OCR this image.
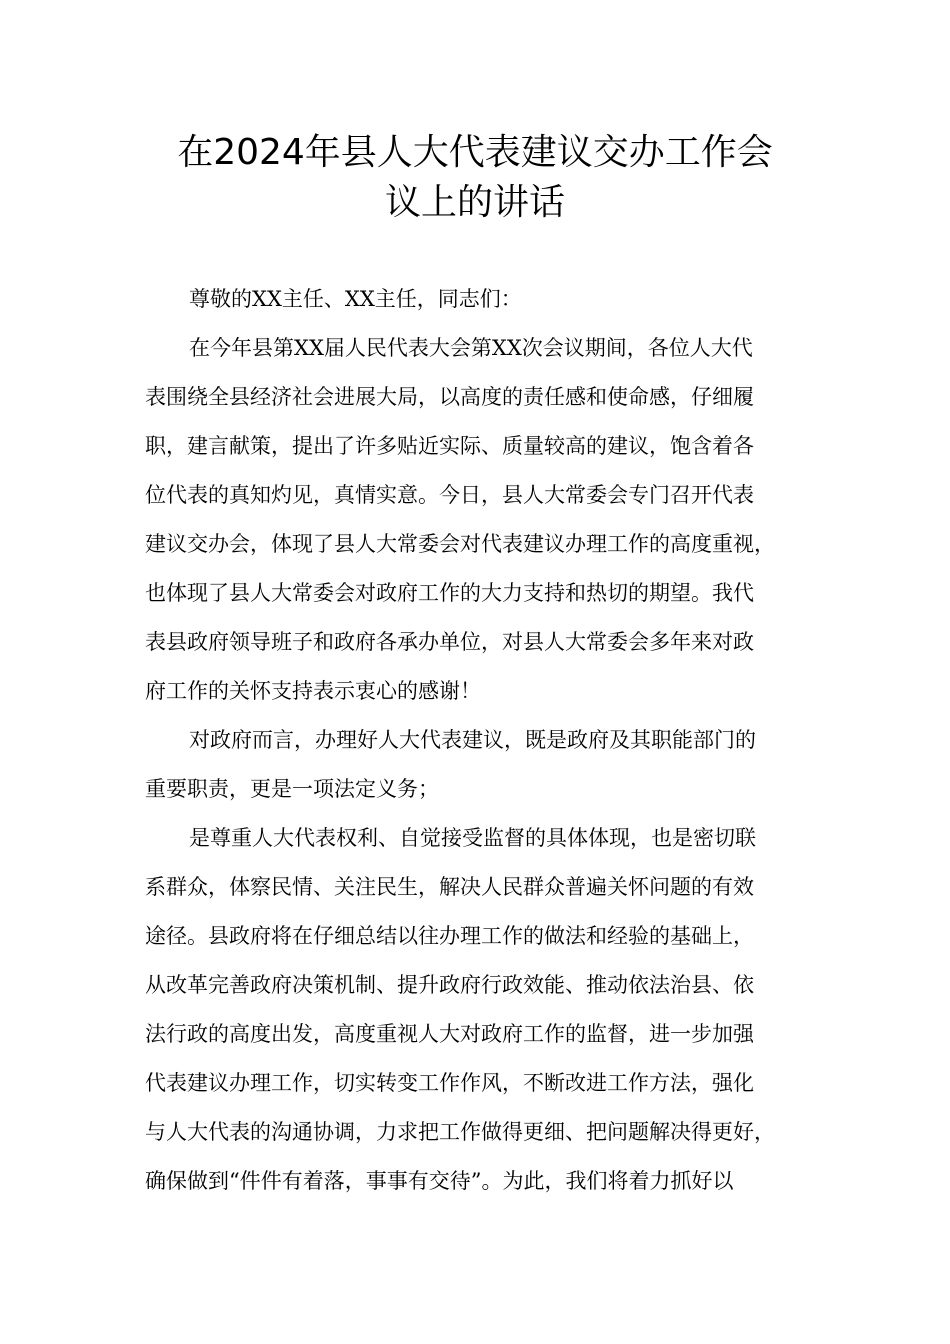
在2024年县人大代表建议交办工作会
议上的讲话
尊敬的XX主任、XX主任，同志们：
在今年县第XX届人民代表大会第XX次会议期间，各位人大代
表围绕全县经济社会进展大局，以高度的责任感和使命感，仔细履
职，建言献策，提出了许多贴近实际、质量较高的建议，饱含着各
位代表的真知灼见，真情实意。今日，县人大常委会专门召开代表
建议交办会，体现了县人大常委会对代表建议办理工作的高度重视，
也体现了县人大常委会对政府工作的大力支持和热切的期望。我代
表县政府领导班子和政府各承办单位，对县人大常委会多年来对政
府工作的关怀支持表示衷心的感谢！
对政府而言，办理好人大代表建议，既是政府及其职能部门的
重要职责，更是一项法定义务；
是尊重人大代表权利、自觉接受监督的具体体现，也是密切联
系群众，体察民情、关注民生，解决人民群众普遍关怀问题的有效
途径。县政府将在仔细总结以往办理工作的做法和经验的基础上，
从改革完善政府决策机制、提升政府行政效能、推动依法治县、依
法行政的高度出发，高度重视人大对政府工作的监督，进一步加强
代表建议办理工作，切实转变工作作风，不断改进工作方法，强化
与人大代表的沟通协调，力求把工作做得更细、把问题解决得更好，
确保做到“件件有着落，事事有交待”。为此，我们将着力抓好以
